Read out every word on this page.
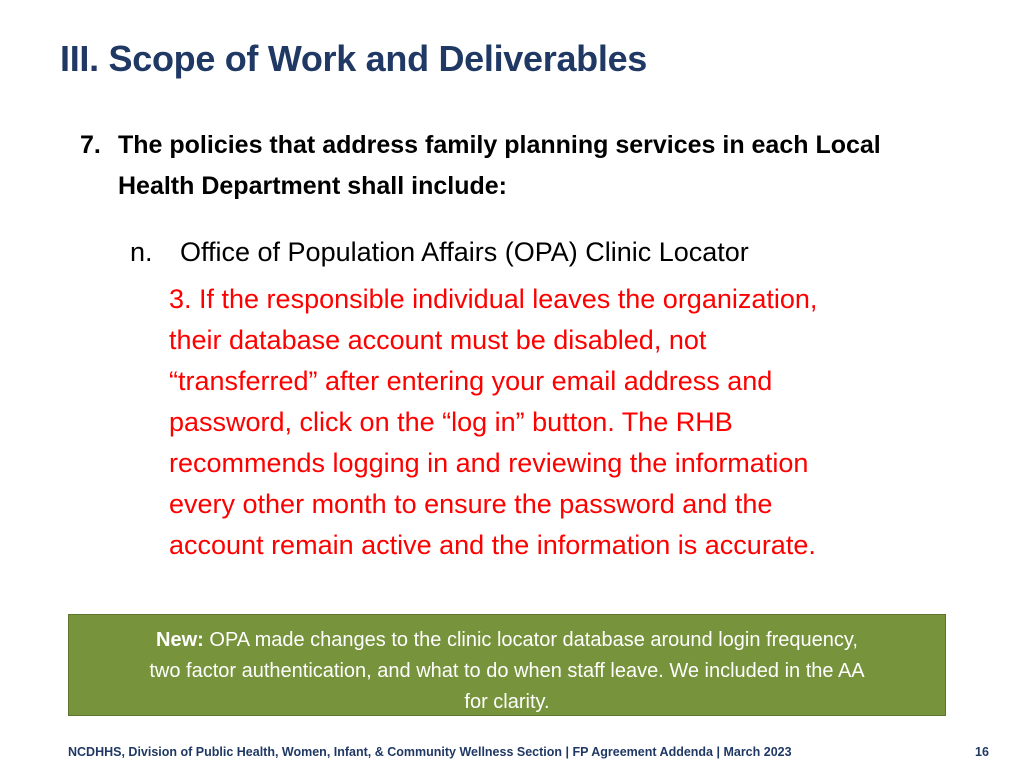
III. Scope of Work and Deliverables
7. The policies that address family planning services in each Local Health Department shall include:
n. Office of Population Affairs (OPA) Clinic Locator
3. If the responsible individual leaves the organization,
their database account must be disabled, not
“transferred” after entering your email address and
password, click on the “log in” button. The RHB
recommends logging in and reviewing the information
every other month to ensure the password and the
account remain active and the information is accurate.
New: OPA made changes to the clinic locator database around login frequency,
two factor authentication, and what to do when staff leave. We included in the AA
for clarity.
NCDHHS, Division of Public Health, Women, Infant, & Community Wellness Section | FP Agreement Addenda | March 2023	16
